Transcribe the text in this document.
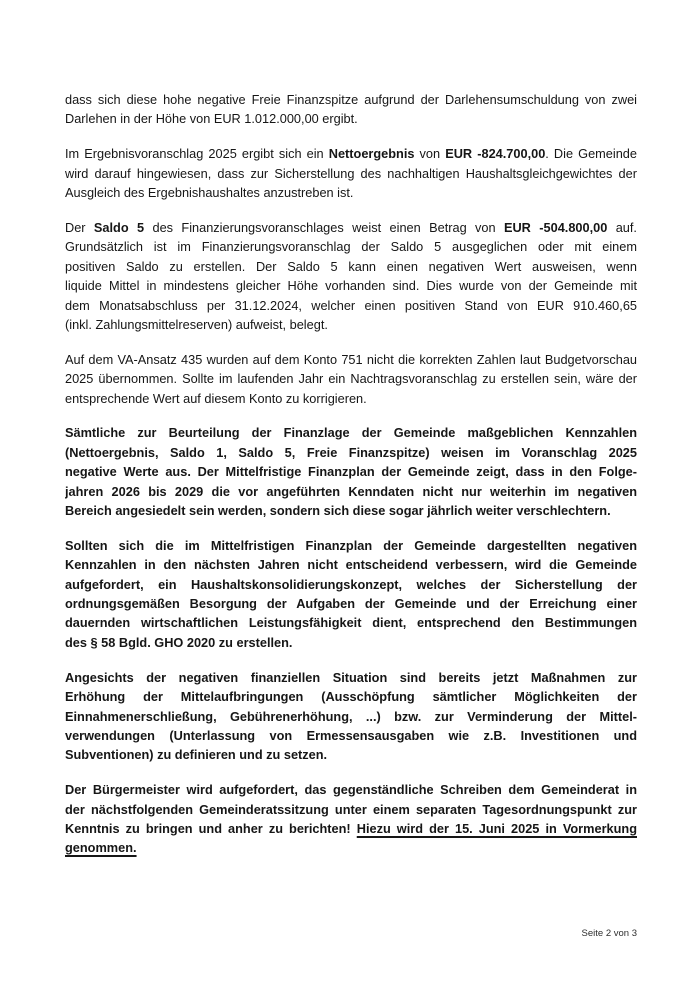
dass sich diese hohe negative Freie Finanzspitze aufgrund der Darlehensumschuldung von zwei
Darlehen in der Höhe von EUR 1.012.000,00 ergibt.
Im Ergebnisvoranschlag 2025 ergibt sich ein Nettoergebnis von EUR -824.700,00. Die Gemeinde
wird darauf hingewiesen, dass zur Sicherstellung des nachhaltigen Haushaltsgleichgewichtes der
Ausgleich des Ergebnishaushaltes anzustreben ist.
Der Saldo 5 des Finanzierungsvoranschlages weist einen Betrag von EUR -504.800,00 auf.
Grundsätzlich ist im Finanzierungsvoranschlag der Saldo 5 ausgeglichen oder mit einem
positiven Saldo zu erstellen. Der Saldo 5 kann einen negativen Wert ausweisen, wenn
liquide Mittel in mindestens gleicher Höhe vorhanden sind. Dies wurde von der Gemeinde mit
dem Monatsabschluss per 31.12.2024, welcher einen positiven Stand von EUR 910.460,65
(inkl. Zahlungsmittelreserven) aufweist, belegt.
Auf dem VA-Ansatz 435 wurden auf dem Konto 751 nicht die korrekten Zahlen laut Budgetvorschau
2025 übernommen. Sollte im laufenden Jahr ein Nachtragsvoranschlag zu erstellen sein, wäre der
entsprechende Wert auf diesem Konto zu korrigieren.
Sämtliche zur Beurteilung der Finanzlage der Gemeinde maßgeblichen Kennzahlen
(Nettoergebnis, Saldo 1, Saldo 5, Freie Finanzspitze) weisen im Voranschlag 2025
negative Werte aus. Der Mittelfristige Finanzplan der Gemeinde zeigt, dass in den Folge-
jahren 2026 bis 2029 die vor angeführten Kenndaten nicht nur weiterhin im negativen
Bereich angesiedelt sein werden, sondern sich diese sogar jährlich weiter verschlechtern.
Sollten sich die im Mittelfristigen Finanzplan der Gemeinde dargestellten negativen
Kennzahlen in den nächsten Jahren nicht entscheidend verbessern, wird die Gemeinde
aufgefordert, ein Haushaltskonsolidierungskonzept, welches der Sicherstellung der
ordnungsgemäßen Besorgung der Aufgaben der Gemeinde und der Erreichung einer
dauernden wirtschaftlichen Leistungsfähigkeit dient, entsprechend den Bestimmungen
des § 58 Bgld. GHO 2020 zu erstellen.
Angesichts der negativen finanziellen Situation sind bereits jetzt Maßnahmen zur
Erhöhung der Mittelaufbringungen (Ausschöpfung sämtlicher Möglichkeiten der
Einnahmenerschließung, Gebührenerhöhung, ...) bzw. zur Verminderung der Mittel-
verwendungen (Unterlassung von Ermessensausgaben wie z.B. Investitionen und
Subventionen) zu definieren und zu setzen.
Der Bürgermeister wird aufgefordert, das gegenständliche Schreiben dem Gemeinderat in
der nächstfolgenden Gemeinderatssitzung unter einem separaten Tagesordnungspunkt zur
Kenntnis zu bringen und anher zu berichten! Hiezu wird der 15. Juni 2025 in Vormerkung
genommen.
Seite 2 von 3
